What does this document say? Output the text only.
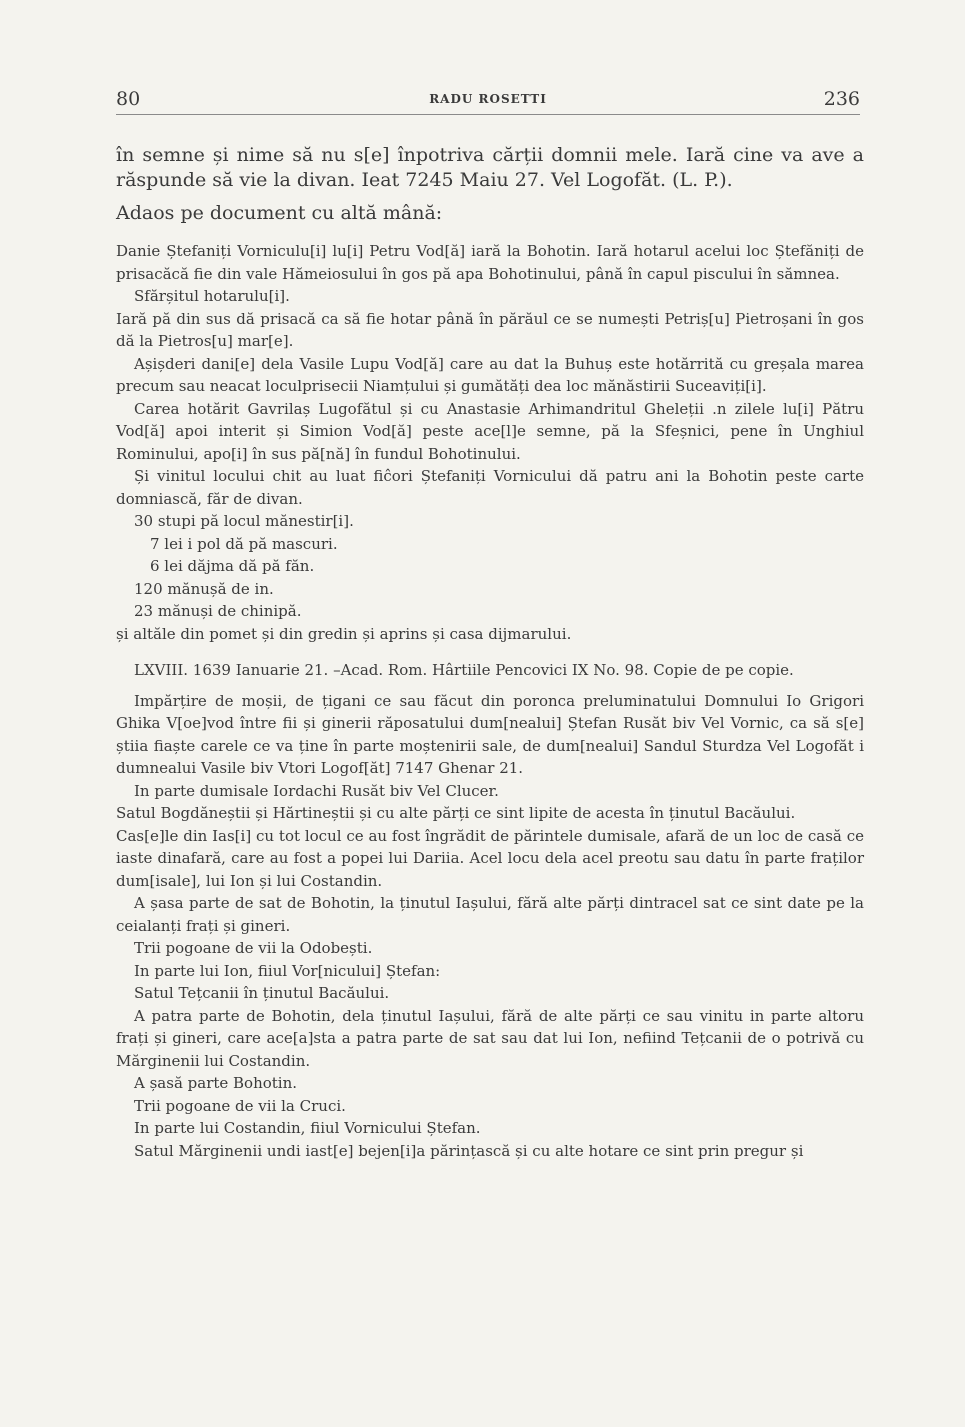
80	RADU ROSETTI	236

în semne și nime să nu s[e] înpotriva cărții domnii mele. Iară cine va ave a răspunde să vie la divan. Ieat 7245 Maiu 27. Vel Logofăt. (L. P.).

Adaos pe document cu altă mână:

Danie Ștefaniți Vorniculu[i] lu[i] Petru Vod[ă] iară la Bohotin. Iară hotarul acelui loc Ștefăniți de prisacăcă fie din vale Hămeiosului în gos pă apa Bohotinului, până în capul piscului în sămnea.

Sfărșitul hotarulu[i].

Iară pă din sus dă prisacă ca să fie hotar până în părăul ce se numești Petriș[u] Pietroșani în gos dă la Pietros[u] mar[e].

Așișderi dani[e] dela Vasile Lupu Vod[ă] care au dat la Buhuș este hotărrită cu greșala marea precum sau neacat loculprisecii Niamțului și gumătăți dea loc mănăstirii Suceaviți[i].

Carea hotărit Gavrilaș Lugofătul și cu Anastasie Arhimandritul Gheleții .n zilele lu[i] Pătru Vod[ă] apoi interit și Simion Vod[ă] peste ace[l]e semne, pă la Sfeșnici, pene în Unghiul Rominului, apo[i] în sus pă[nă] în fundul Bohotinului.

Și vinitul locului chit au luat fiĉori Ștefaniți Vornicului dă patru ani la Bohotin peste carte domniască, făr de divan.

30 stupi pă locul mănestir[i].

7 lei i pol dă pă mascuri.

6 lei dăjma dă pă făn.

120 mănușă de in.

23 mănuși de chinipă.

și altăle din pomet și din gredin și aprins și casa dijmarului.

LXVIII. 1639 Ianuarie 21. –Acad. Rom. Hârtiile Pencovici IX No. 98. Copie de pe copie.

Impărțire de moșii, de țigani ce sau făcut din poronca preluminatului Domnului Io Grigori Ghika V[oe]vod între fii și ginerii răposatului dum[nealui] Ștefan Rusăt biv Vel Vornic, ca să s[e] știia fiaște carele ce va ține în parte moștenirii sale, de dum[nealui] Sandul Sturdza Vel Logofăt i dumnealui Vasile biv Vtori Logof[ăt] 7147 Ghenar 21.

In parte dumisale Iordachi Rusăt biv Vel Clucer.

Satul Bogdăneștii și Hărtineștii și cu alte părți ce sint lipite de acesta în ținutul Bacăului.

Cas[e]le din Ias[i] cu tot locul ce au fost îngrădit de părintele dumisale, afară de un loc de casă ce iaste dinafară, care au fost a popei lui Dariia. Acel locu dela acel preotu sau datu în parte fraților dum[isale], lui Ion și lui Costandin.

A șasa parte de sat de Bohotin, la ținutul Iașului, fără alte părți dintracel sat ce sint date pe la ceialanți frați și gineri.

Trii pogoane de vii la Odobești.

In parte lui Ion, fiiul Vor[nicului] Ștefan:

Satul Tețcanii în ținutul Bacăului.

A patra parte de Bohotin, dela ținutul Iașului, fără de alte părți ce sau vinitu in parte altoru frați și gineri, care ace[a]sta a patra parte de sat sau dat lui Ion, nefiind Tețcanii de o potrivă cu Mărginenii lui Costandin.

A șasă parte Bohotin.

Trii pogoane de vii la Cruci.

In parte lui Costandin, fiiul Vornicului Ștefan.

Satul Mărginenii undi iast[e] bejen[i]a părințască și cu alte hotare ce sint prin pregur și
